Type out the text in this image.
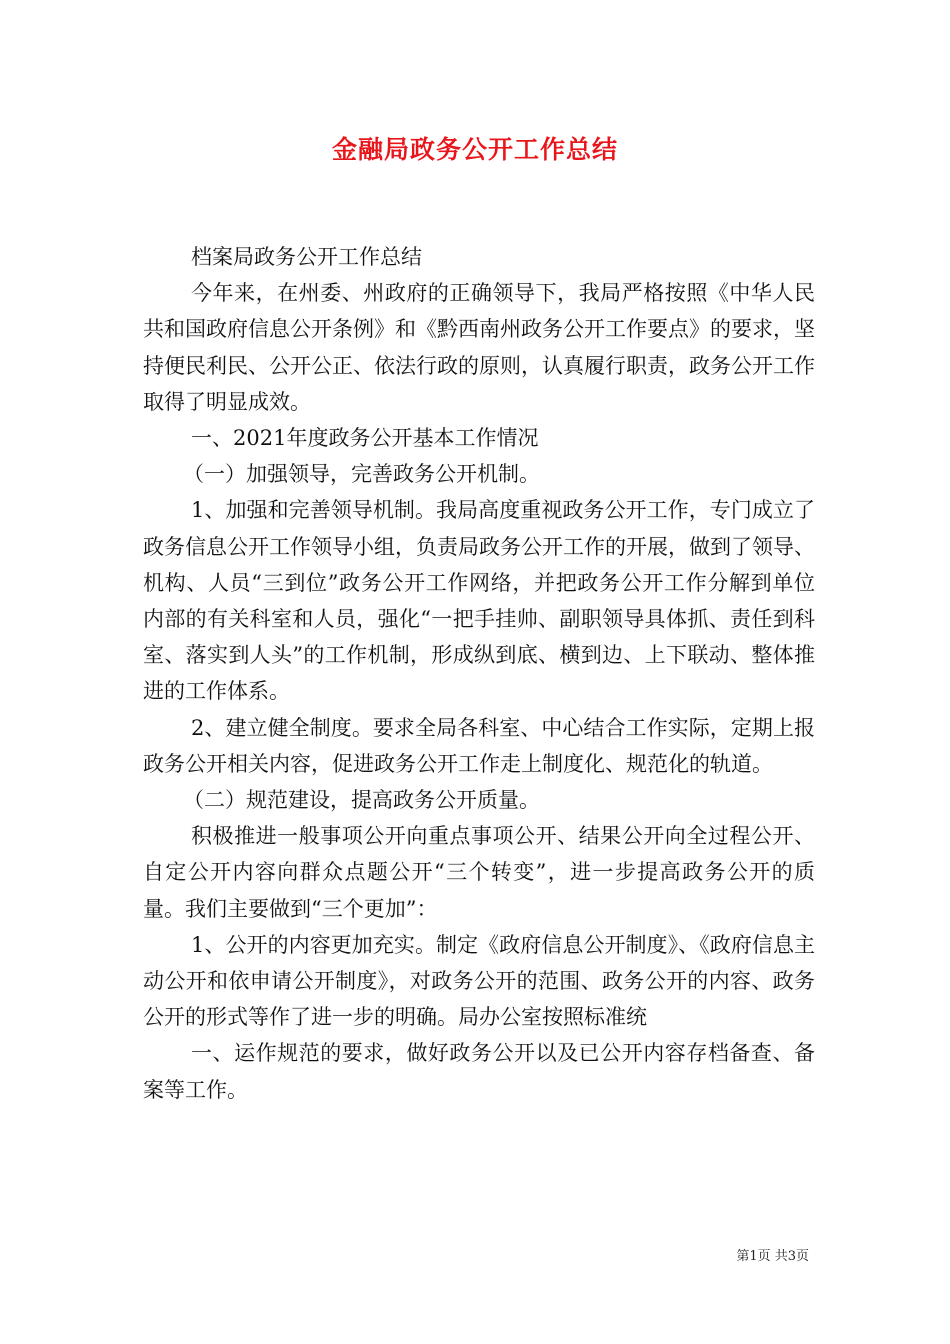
金融局政务公开工作总结

档案局政务公开工作总结

今年来，在州委、州政府的正确领导下，我局严格按照《中华人民共和国政府信息公开条例》和《黔西南州政务公开工作要点》的要求，坚持便民利民、公开公正、依法行政的原则，认真履行职责，政务公开工作取得了明显成效。

一、2021年度政务公开基本工作情况

（一）加强领导，完善政务公开机制。

1、加强和完善领导机制。我局高度重视政务公开工作，专门成立了政务信息公开工作领导小组，负责局政务公开工作的开展，做到了领导、机构、人员“三到位”政务公开工作网络，并把政务公开工作分解到单位内部的有关科室和人员，强化“一把手挂帅、副职领导具体抓、责任到科室、落实到人头”的工作机制，形成纵到底、横到边、上下联动、整体推进的工作体系。

2、建立健全制度。要求全局各科室、中心结合工作实际，定期上报政务公开相关内容，促进政务公开工作走上制度化、规范化的轨道。

（二）规范建设，提高政务公开质量。

积极推进一般事项公开向重点事项公开、结果公开向全过程公开、自定公开内容向群众点题公开“三个转变”，进一步提高政务公开的质量。我们主要做到“三个更加”：

1、公开的内容更加充实。制定《政府信息公开制度》、《政府信息主动公开和依申请公开制度》，对政务公开的范围、政务公开的内容、政务公开的形式等作了进一步的明确。局办公室按照标准统

一、运作规范的要求，做好政务公开以及已公开内容存档备查、备案等工作。

第1页 共3页
